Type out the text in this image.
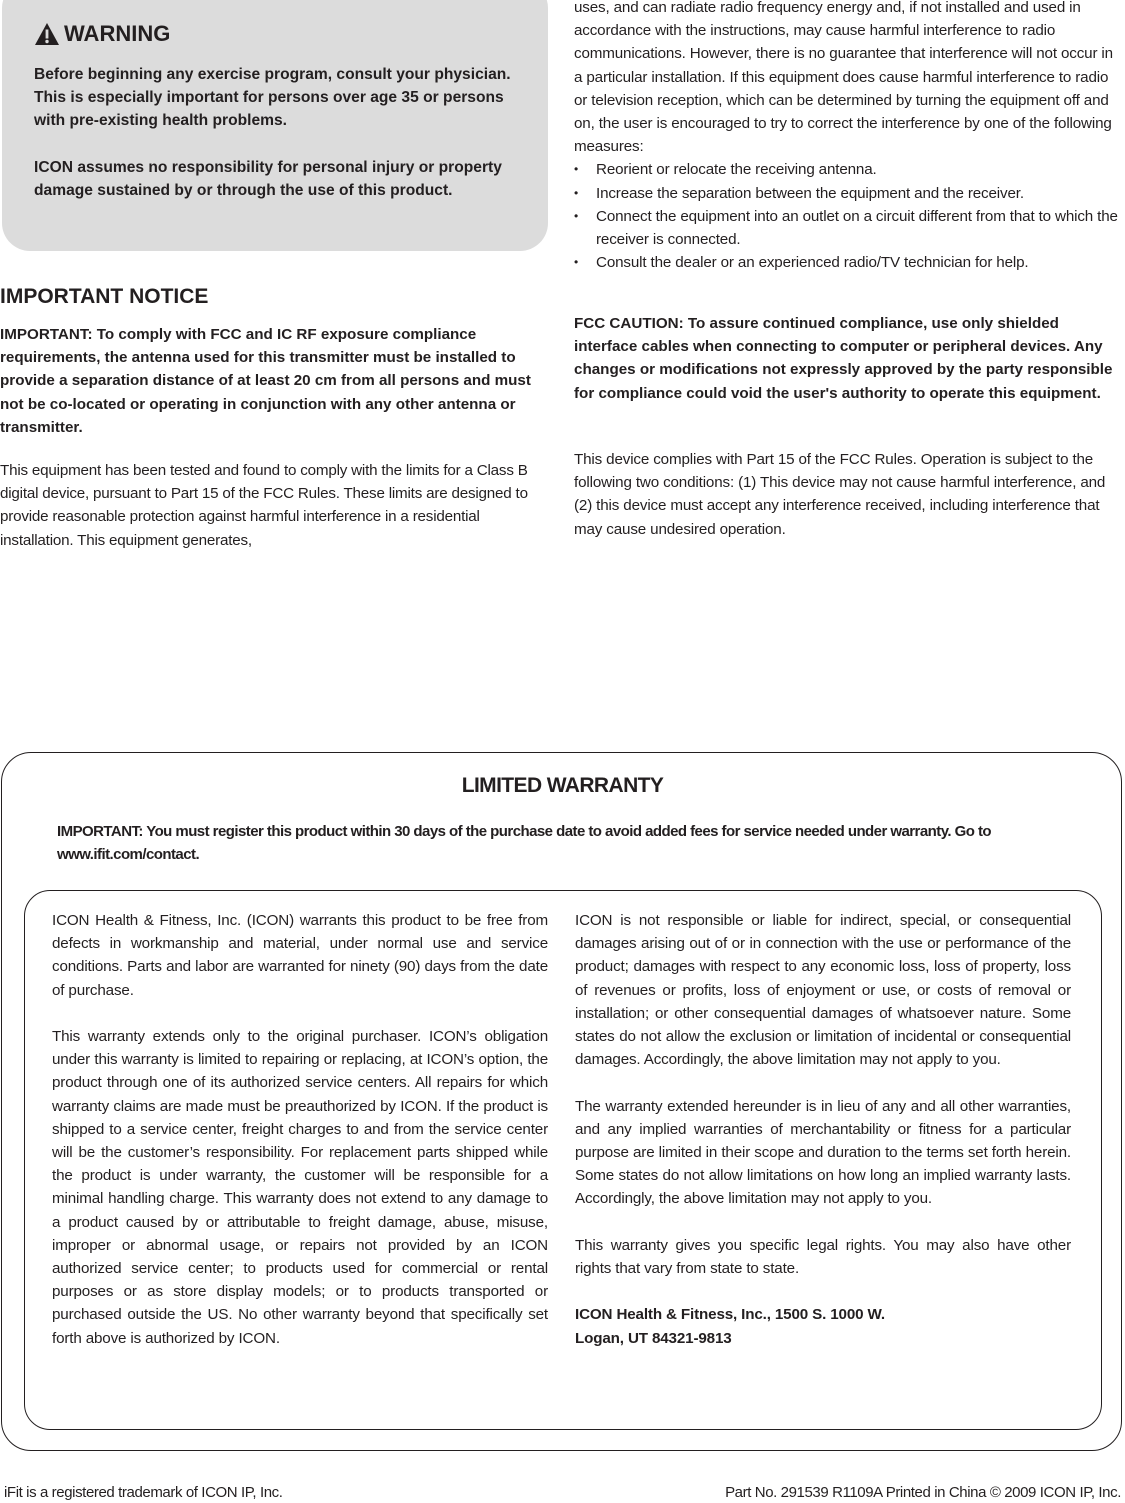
WARNING

Before beginning any exercise program, consult your physician. This is especially important for persons over age 35 or persons with pre-existing health problems.

ICON assumes no responsibility for personal injury or property damage sustained by or through the use of this product.

IMPORTANT NOTICE

IMPORTANT: To comply with FCC and IC RF exposure compliance requirements, the antenna used for this transmitter must be installed to provide a separation distance of at least 20 cm from all persons and must not be co-located or operating in conjunction with any other antenna or transmitter.

This equipment has been tested and found to comply with the limits for a Class B digital device, pursuant to Part 15 of the FCC Rules. These limits are designed to provide reasonable protection against harmful interference in a residential installation. This equipment generates,

uses, and can radiate radio frequency energy and, if not installed and used in accordance with the instructions, may cause harmful interference to radio communications. However, there is no guarantee that interference will not occur in a particular installation. If this equipment does cause harmful interference to radio or television reception, which can be determined by turning the equipment off and on, the user is encouraged to try to correct the interference by one of the following measures:

• Reorient or relocate the receiving antenna.
• Increase the separation between the equipment and the receiver.
• Connect the equipment into an outlet on a circuit different from that to which the receiver is connected.
• Consult the dealer or an experienced radio/TV technician for help.

FCC CAUTION: To assure continued compliance, use only shielded interface cables when connecting to computer or peripheral devices. Any changes or modifications not expressly approved by the party responsible for compliance could void the user's authority to operate this equipment.

This device complies with Part 15 of the FCC Rules. Operation is subject to the following two conditions: (1) This device may not cause harmful interference, and (2) this device must accept any interference received, including interference that may cause undesired operation.

LIMITED WARRANTY

IMPORTANT: You must register this product within 30 days of the purchase date to avoid added fees for service needed under warranty. Go to www.ifit.com/contact.

ICON Health & Fitness, Inc. (ICON) warrants this product to be free from defects in workmanship and material, under normal use and service conditions. Parts and labor are warranted for ninety (90) days from the date of purchase.

This warranty extends only to the original purchaser. ICON’s obligation under this warranty is limited to repairing or replacing, at ICON’s option, the product through one of its authorized service centers. All repairs for which warranty claims are made must be preauthorized by ICON. If the product is shipped to a service center, freight charges to and from the service center will be the customer’s responsibility. For replacement parts shipped while the product is under warranty, the customer will be responsible for a minimal handling charge. This warranty does not extend to any damage to a product caused by or attributable to freight damage, abuse, misuse, improper or abnormal usage, or repairs not provided by an ICON authorized service center; to products used for commercial or rental purposes or as store display models; or to products transported or purchased outside the US. No other warranty beyond that specifically set forth above is authorized by ICON.

ICON is not responsible or liable for indirect, special, or consequential damages arising out of or in connection with the use or performance of the product; damages with respect to any economic loss, loss of property, loss of revenues or profits, loss of enjoyment or use, or costs of removal or installation; or other consequential damages of whatsoever nature. Some states do not allow the exclusion or limitation of incidental or consequential damages. Accordingly, the above limitation may not apply to you.

The warranty extended hereunder is in lieu of any and all other warranties, and any implied warranties of merchantability or fitness for a particular purpose are limited in their scope and duration to the terms set forth herein. Some states do not allow limitations on how long an implied warranty lasts. Accordingly, the above limitation may not apply to you.

This warranty gives you specific legal rights. You may also have other rights that vary from state to state.

ICON Health & Fitness, Inc., 1500 S. 1000 W.
Logan, UT 84321-9813

iFit is a registered trademark of ICON IP, Inc.	Part No. 291539 R1109A Printed in China © 2009 ICON IP, Inc.
